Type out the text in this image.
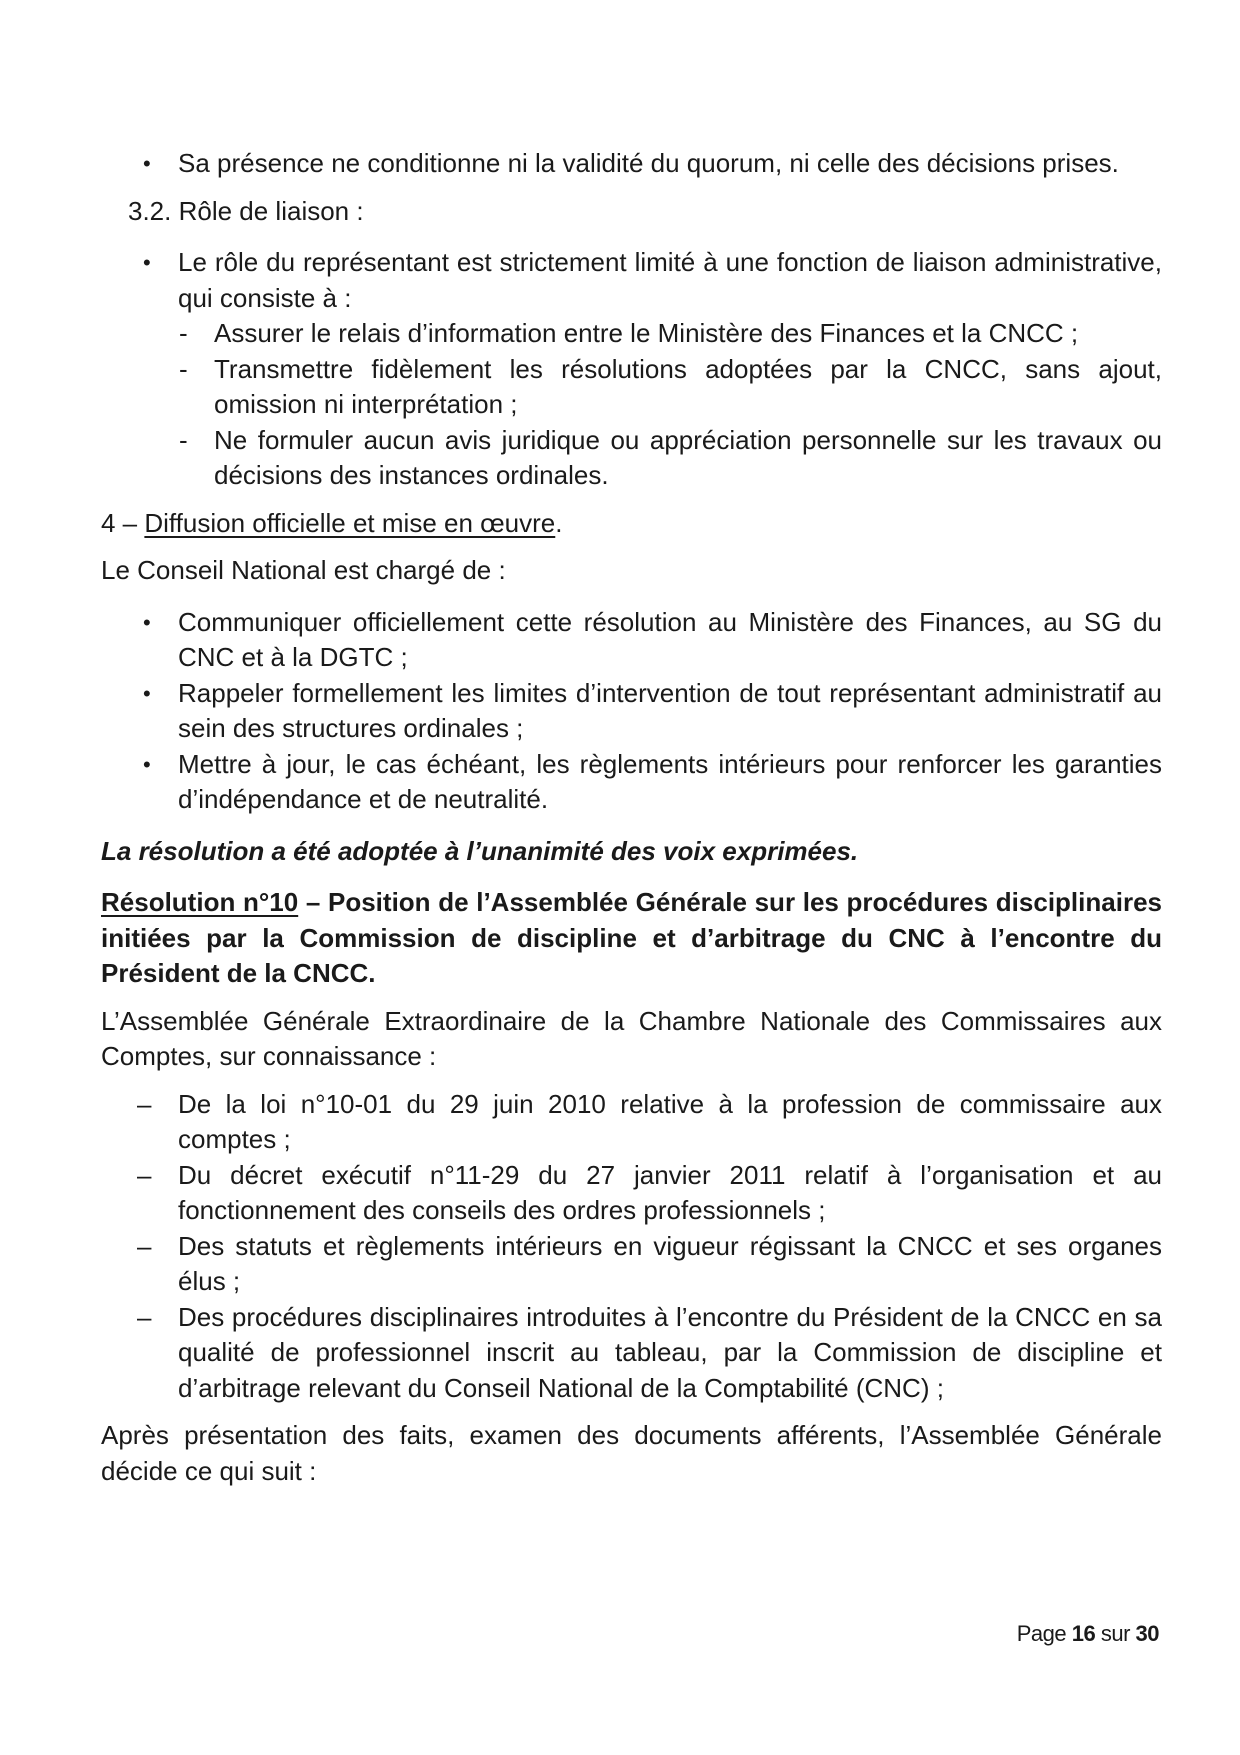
• Sa présence ne conditionne ni la validité du quorum, ni celle des décisions prises.
3.2. Rôle de liaison :
• Le rôle du représentant est strictement limité à une fonction de liaison administrative, qui consiste à :
- Assurer le relais d’information entre le Ministère des Finances et la CNCC ;
- Transmettre fidèlement les résolutions adoptées par la CNCC, sans ajout, omission ni interprétation ;
- Ne formuler aucun avis juridique ou appréciation personnelle sur les travaux ou décisions des instances ordinales.
4 – Diffusion officielle et mise en œuvre.
Le Conseil National est chargé de :
• Communiquer officiellement cette résolution au Ministère des Finances, au SG du CNC et à la DGTC ;
• Rappeler formellement les limites d’intervention de tout représentant administratif au sein des structures ordinales ;
• Mettre à jour, le cas échéant, les règlements intérieurs pour renforcer les garanties d’indépendance et de neutralité.
La résolution a été adoptée à l’unanimité des voix exprimées.
Résolution n°10 – Position de l’Assemblée Générale sur les procédures disciplinaires initiées par la Commission de discipline et d’arbitrage du CNC à l’encontre du Président de la CNCC.
L’Assemblée Générale Extraordinaire de la Chambre Nationale des Commissaires aux Comptes, sur connaissance :
– De la loi n°10-01 du 29 juin 2010 relative à la profession de commissaire aux comptes ;
– Du décret exécutif n°11-29 du 27 janvier 2011 relatif à l’organisation et au fonctionnement des conseils des ordres professionnels ;
– Des statuts et règlements intérieurs en vigueur régissant la CNCC et ses organes élus ;
– Des procédures disciplinaires introduites à l’encontre du Président de la CNCC en sa qualité de professionnel inscrit au tableau, par la Commission de discipline et d’arbitrage relevant du Conseil National de la Comptabilité (CNC) ;
Après présentation des faits, examen des documents afférents, l’Assemblée Générale décide ce qui suit :
Page 16 sur 30
